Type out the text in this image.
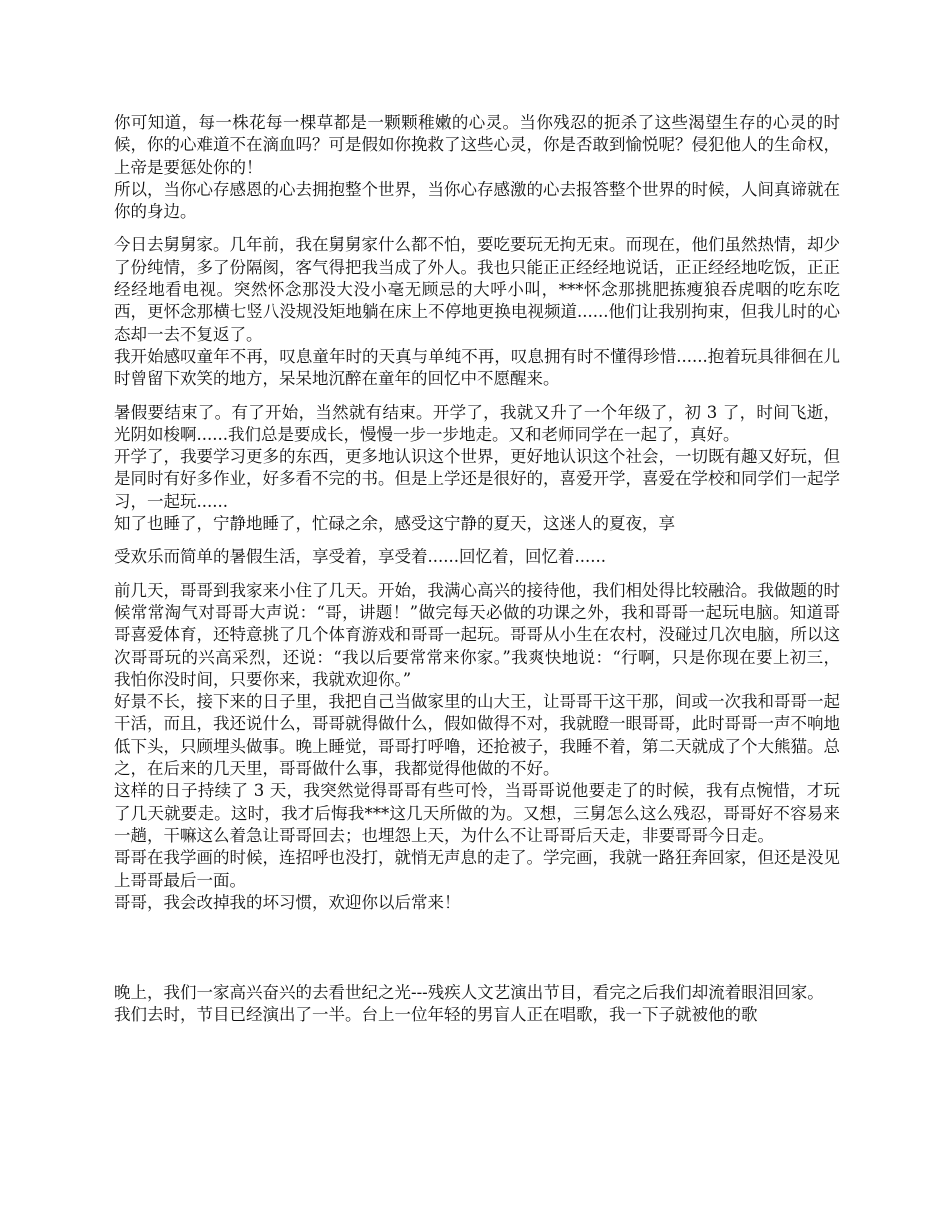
你可知道，每一株花每一棵草都是一颗颗稚嫩的心灵。当你残忍的扼杀了这些渴望生存的心灵的时候，你的心难道不在滴血吗？可是假如你挽救了这些心灵，你是否敢到愉悦呢？侵犯他人的生命权，上帝是要惩处你的！

所以，当你心存感恩的心去拥抱整个世界，当你心存感激的心去报答整个世界的时候，人间真谛就在你的身边。

今日去舅舅家。几年前，我在舅舅家什么都不怕，要吃要玩无拘无束。而现在，他们虽然热情，却少了份纯情，多了份隔阂，客气得把我当成了外人。我也只能正正经经地说话，正正经经地吃饭，正正经经地看电视。突然怀念那没大没小毫无顾忌的大呼小叫，***怀念那挑肥拣瘦狼吞虎咽的吃东吃西，更怀念那横七竖八没规没矩地躺在床上不停地更换电视频道......他们让我别拘束，但我儿时的心态却一去不复返了。

我开始感叹童年不再，叹息童年时的天真与单纯不再，叹息拥有时不懂得珍惜......抱着玩具徘徊在儿时曾留下欢笑的地方，呆呆地沉醉在童年的回忆中不愿醒来。

暑假要结束了。有了开始，当然就有结束。开学了，我就又升了一个年级了，初 3 了，时间飞逝，光阴如梭啊......我们总是要成长，慢慢一步一步地走。又和老师同学在一起了，真好。

开学了，我要学习更多的东西，更多地认识这个世界，更好地认识这个社会，一切既有趣又好玩，但是同时有好多作业，好多看不完的书。但是上学还是很好的，喜爱开学，喜爱在学校和同学们一起学习，一起玩......

知了也睡了，宁静地睡了，忙碌之余，感受这宁静的夏天，这迷人的夏夜，享

受欢乐而简单的暑假生活，享受着，享受着......回忆着，回忆着......

前几天，哥哥到我家来小住了几天。开始，我满心高兴的接待他，我们相处得比较融洽。我做题的时候常常淘气对哥哥大声说：“哥，讲题！”做完每天必做的功课之外，我和哥哥一起玩电脑。知道哥哥喜爱体育，还特意挑了几个体育游戏和哥哥一起玩。哥哥从小生在农村，没碰过几次电脑，所以这次哥哥玩的兴高采烈，还说：“我以后要常常来你家。”我爽快地说：“行啊，只是你现在要上初三，我怕你没时间，只要你来，我就欢迎你。”

好景不长，接下来的日子里，我把自己当做家里的山大王，让哥哥干这干那，间或一次我和哥哥一起干活，而且，我还说什么，哥哥就得做什么，假如做得不对，我就瞪一眼哥哥，此时哥哥一声不响地低下头，只顾埋头做事。晚上睡觉，哥哥打呼噜，还抢被子，我睡不着，第二天就成了个大熊猫。总之，在后来的几天里，哥哥做什么事，我都觉得他做的不好。

这样的日子持续了 3 天，我突然觉得哥哥有些可怜，当哥哥说他要走了的时候，我有点惋惜，才玩了几天就要走。这时，我才后悔我***这几天所做的为。又想，三舅怎么这么残忍，哥哥好不容易来一趟，干嘛这么着急让哥哥回去；也埋怨上天，为什么不让哥哥后天走，非要哥哥今日走。

哥哥在我学画的时候，连招呼也没打，就悄无声息的走了。学完画，我就一路狂奔回家，但还是没见上哥哥最后一面。

哥哥，我会改掉我的坏习惯，欢迎你以后常来！

晚上，我们一家高兴奋兴的去看世纪之光---残疾人文艺演出节目，看完之后我们却流着眼泪回家。

我们去时，节目已经演出了一半。台上一位年轻的男盲人正在唱歌，我一下子就被他的歌
